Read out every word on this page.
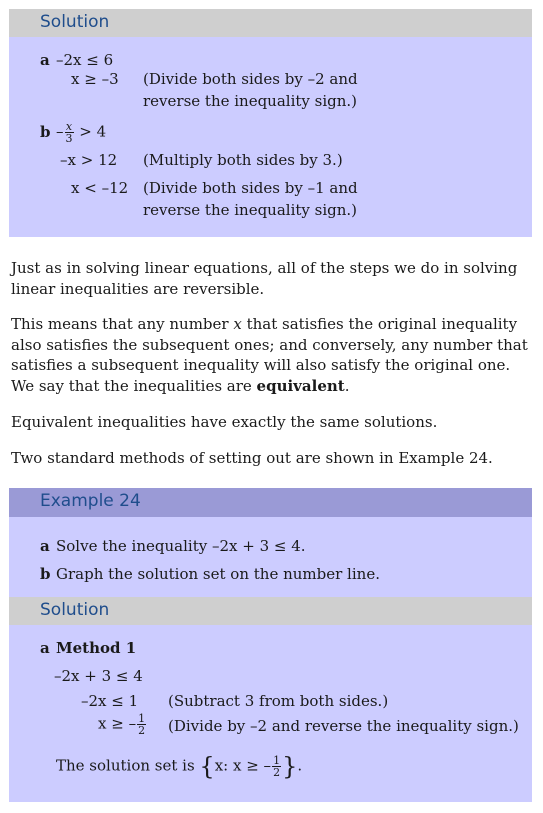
Solution
a –2x ≤ 6
x ≥ –3 (Divide both sides by –2 and
reverse the inequality sign.)
$b - \frac{x}{3} > 4$
–x > 12 (Multiply both sides by 3.)
x < –12 (Divide both sides by –1 and
reverse the inequality sign.)
Just as in solving linear equations, all of the steps we do in solving linear inequalities are reversible.
This means that any number x that satisfies the original inequality also satisfies the subsequent ones; and conversely, any number that satisfies a subsequent inequality will also satisfy the original one. We say that the inequalities are equivalent.
Equivalent inequalities have exactly the same solutions.
Two standard methods of setting out are shown in Example 24.
Example 24
a Solve the inequality –2x + 3 ≤ 4.
b Graph the solution set on the number line.
Solution
a Method 1
–2x + 3 ≤ 4
–2x ≤ 1 (Subtract 3 from both sides.)
x ≥ – $\frac{1}{2}$ (Divide by –2 and reverse the inequality sign.)
The solution set is {x: x ≥ – $\frac{1}{2}$ }.
